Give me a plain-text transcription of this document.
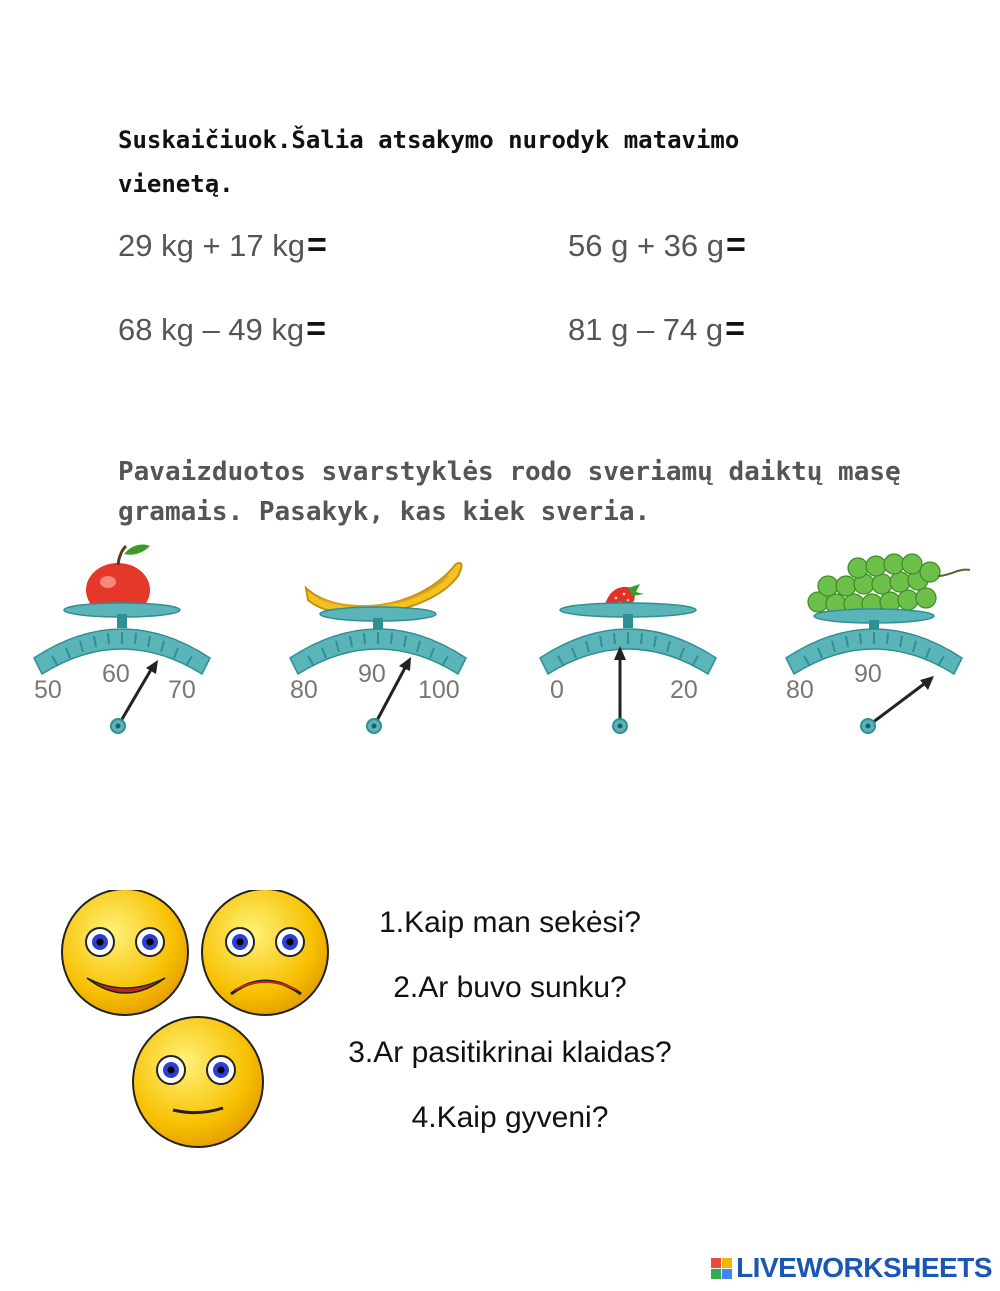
Suskaičiuok.Šalia atsakymo nurodyk matavimo vienetą.
29 kg + 17 kg=	56 g + 36 g=
68 kg – 49 kg=	81 g – 74 g=
Pavaizduotos svarstyklės rodo sveriamų daiktų masę gramais. Pasakyk, kas kiek sveria.
50
60
70	80
90
100	0	20	80
90
1.Kaip man sekėsi?
2.Ar buvo sunku?
3.Ar pasitikrinai klaidas?
4.Kaip gyveni?
LIVEWORKSHEETS
